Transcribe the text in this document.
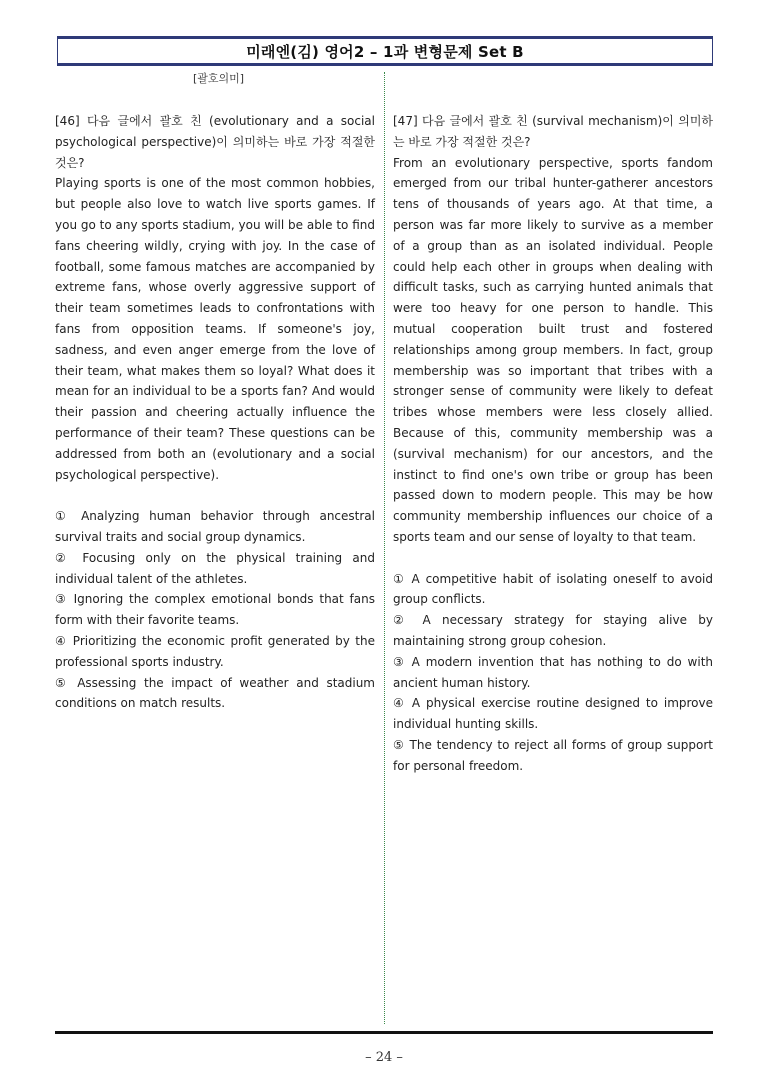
미래엔(김) 영어2 – 1과 변형문제 Set B
[괄호의미]

[46] 다음 글에서 괄호 친 (evolutionary and a social psychological perspective)이 의미하는 바로 가장 적절한 것은?

Playing sports is one of the most common hobbies, but people also love to watch live sports games. If you go to any sports stadium, you will be able to find fans cheering wildly, crying with joy. In the case of football, some famous matches are accompanied by extreme fans, whose overly aggressive support of their team sometimes leads to confrontations with fans from opposition teams. If someone's joy, sadness, and even anger emerge from the love of their team, what makes them so loyal? What does it mean for an individual to be a sports fan? And would their passion and cheering actually influence the performance of their team? These questions can be addressed from both an (evolutionary and a social psychological perspective).

① Analyzing human behavior through ancestral survival traits and social group dynamics.

② Focusing only on the physical training and individual talent of the athletes.

③ Ignoring the complex emotional bonds that fans form with their favorite teams.

④ Prioritizing the economic profit generated by the professional sports industry.

⑤ Assessing the impact of weather and stadium conditions on match results.

[47] 다음 글에서 괄호 친 (survival mechanism)이 의미하는 바로 가장 적절한 것은?

From an evolutionary perspective, sports fandom emerged from our tribal hunter-gatherer ancestors tens of thousands of years ago. At that time, a person was far more likely to survive as a member of a group than as an isolated individual. People could help each other in groups when dealing with difficult tasks, such as carrying hunted animals that were too heavy for one person to handle. This mutual cooperation built trust and fostered relationships among group members. In fact, group membership was so important that tribes with a stronger sense of community were likely to defeat tribes whose members were less closely allied. Because of this, community membership was a (survival mechanism) for our ancestors, and the instinct to find one's own tribe or group has been passed down to modern people. This may be how community membership influences our choice of a sports team and our sense of loyalty to that team.

① A competitive habit of isolating oneself to avoid group conflicts.

② A necessary strategy for staying alive by maintaining strong group cohesion.

③ A modern invention that has nothing to do with ancient human history.

④ A physical exercise routine designed to improve individual hunting skills.

⑤ The tendency to reject all forms of group support for personal freedom.

– 24 –
